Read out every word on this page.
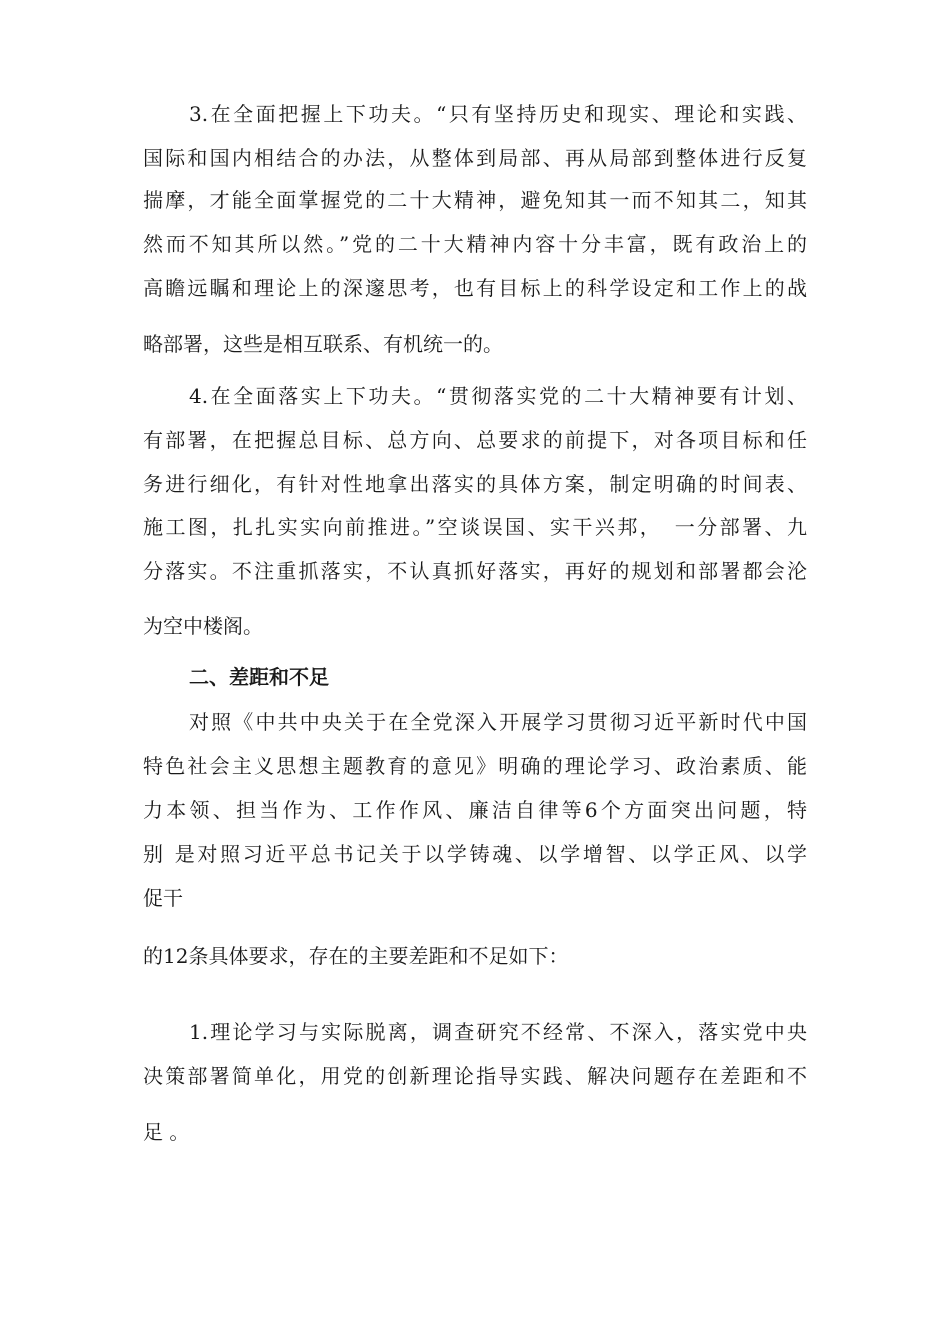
3.在全面把握上下功夫。“只有坚持历史和现实、理论和实践、
国际和国内相结合的办法，从整体到局部、再从局部到整体进行反复
揣摩，才能全面掌握党的二十大精神，避免知其一而不知其二，知其
然而不知其所以然。”党的二十大精神内容十分丰富，既有政治上的
高瞻远瞩和理论上的深邃思考，也有目标上的科学设定和工作上的战
略部署，这些是相互联系、有机统一的。
4.在全面落实上下功夫。“贯彻落实党的二十大精神要有计划、
有部署，在把握总目标、总方向、总要求的前提下，对各项目标和任
务进行细化，有针对性地拿出落实的具体方案，制定明确的时间表、
施工图，扎扎实实向前推进。”空谈误国、实干兴邦，　一分部署、九
分落实。不注重抓落实，不认真抓好落实，再好的规划和部署都会沦
为空中楼阁。
二、差距和不足
对照《中共中央关于在全党深入开展学习贯彻习近平新时代中国
特色社会主义思想主题教育的意见》明确的理论学习、政治素质、能
力本领、担当作为、工作作风、廉洁自律等6个方面突出问题，特
别 是对照习近平总书记关于以学铸魂、以学增智、以学正风、以学
促干
的12条具体要求，存在的主要差距和不足如下：
1.理论学习与实际脱离，调查研究不经常、不深入，落实党中央
决策部署简单化，用党的创新理论指导实践、解决问题存在差距和不
足 。
